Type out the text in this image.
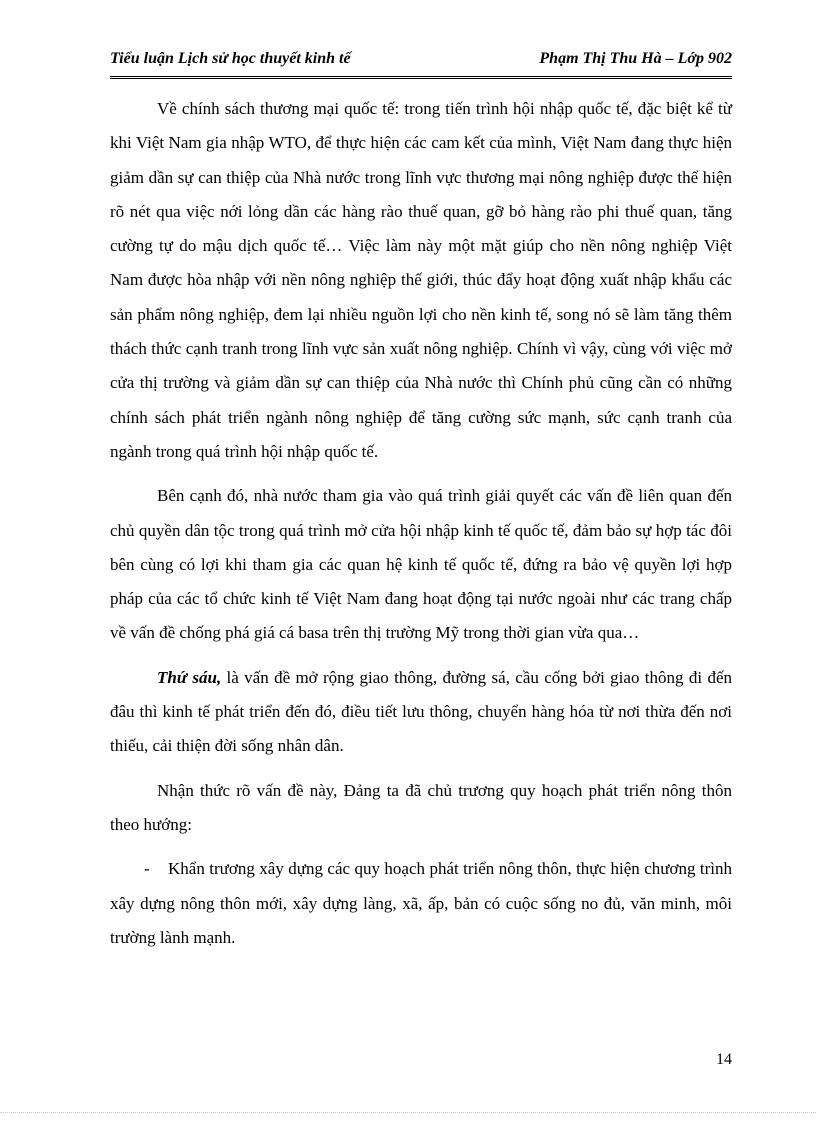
Tiểu luận Lịch sử học thuyết kinh tế	Phạm Thị Thu Hà – Lớp 902

Về chính sách thương mại quốc tế: trong tiến trình hội nhập quốc tế, đặc biệt kể từ khi Việt Nam gia nhập WTO, để thực hiện các cam kết của mình, Việt Nam đang thực hiện giảm dần sự can thiệp của Nhà nước trong lĩnh vực thương mại nông nghiệp được thể hiện rõ nét qua việc nới lỏng dần các hàng rào thuế quan, gỡ bỏ hàng rào phi thuế quan, tăng cường tự do mậu dịch quốc tế… Việc làm này một mặt giúp cho nền nông nghiệp Việt Nam được hòa nhập với nền nông nghiệp thế giới, thúc đẩy hoạt động xuất nhập khẩu các sản phẩm nông nghiệp, đem lại nhiều nguồn lợi cho nền kinh tế, song nó sẽ làm tăng thêm thách thức cạnh tranh trong lĩnh vực sản xuất nông nghiệp. Chính vì vậy, cùng với việc mở cửa thị trường và giảm dần sự can thiệp của Nhà nước thì Chính phủ cũng cần có những chính sách phát triển ngành nông nghiệp để tăng cường sức mạnh, sức cạnh tranh của ngành trong quá trình hội nhập quốc tế.

Bên cạnh đó, nhà nước tham gia vào quá trình giải quyết các vấn đề liên quan đến chủ quyền dân tộc trong quá trình mở cửa hội nhập kinh tế quốc tế, đảm bảo sự hợp tác đôi bên cùng có lợi khi tham gia các quan hệ kinh tế quốc tế, đứng ra bảo vệ quyền lợi hợp pháp của các tổ chức kinh tế Việt Nam đang hoạt động tại nước ngoài như các trang chấp về vấn đề chống phá giá cá basa trên thị trường Mỹ trong thời gian vừa qua…

Thứ sáu, là vấn đề mở rộng giao thông, đường sá, cầu cống bởi giao thông đi đến đâu thì kinh tế phát triển đến đó, điều tiết lưu thông, chuyển hàng hóa từ nơi thừa đến nơi thiếu, cải thiện đời sống nhân dân.

Nhận thức rõ vấn đề này, Đảng ta đã chủ trương quy hoạch phát triển nông thôn theo hướng:

- Khẩn trương xây dựng các quy hoạch phát triển nông thôn, thực hiện chương trình xây dựng nông thôn mới, xây dựng làng, xã, ấp, bản có cuộc sống no đủ, văn minh, môi trường lành mạnh.

14
